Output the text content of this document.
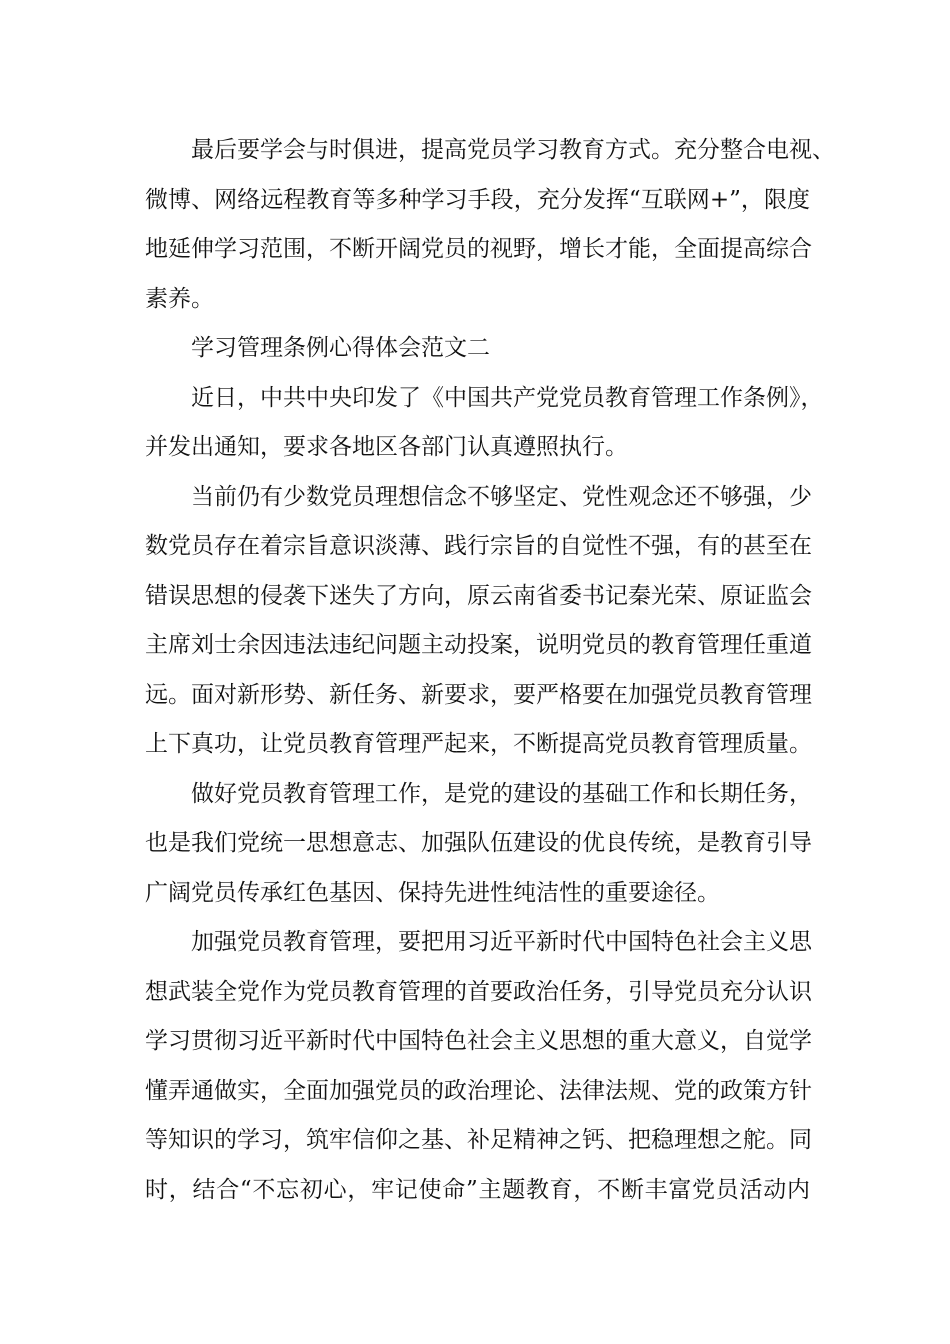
最后要学会与时俱进，提高党员学习教育方式。充分整合电视、
微博、网络远程教育等多种学习手段，充分发挥“互联网+”，限度
地延伸学习范围，不断开阔党员的视野，增长才能，全面提高综合
素养。
学习管理条例心得体会范文二
近日，中共中央印发了《中国共产党党员教育管理工作条例》，
并发出通知，要求各地区各部门认真遵照执行。
当前仍有少数党员理想信念不够坚定、党性观念还不够强，少
数党员存在着宗旨意识淡薄、践行宗旨的自觉性不强，有的甚至在
错误思想的侵袭下迷失了方向，原云南省委书记秦光荣、原证监会
主席刘士余因违法违纪问题主动投案，说明党员的教育管理任重道
远。面对新形势、新任务、新要求，要严格要在加强党员教育管理
上下真功，让党员教育管理严起来，不断提高党员教育管理质量。
做好党员教育管理工作，是党的建设的基础工作和长期任务，
也是我们党统一思想意志、加强队伍建设的优良传统，是教育引导
广阔党员传承红色基因、保持先进性纯洁性的重要途径。
加强党员教育管理，要把用习近平新时代中国特色社会主义思
想武装全党作为党员教育管理的首要政治任务，引导党员充分认识
学习贯彻习近平新时代中国特色社会主义思想的重大意义，自觉学
懂弄通做实，全面加强党员的政治理论、法律法规、党的政策方针
等知识的学习，筑牢信仰之基、补足精神之钙、把稳理想之舵。同
时，结合“不忘初心，牢记使命”主题教育，不断丰富党员活动内
